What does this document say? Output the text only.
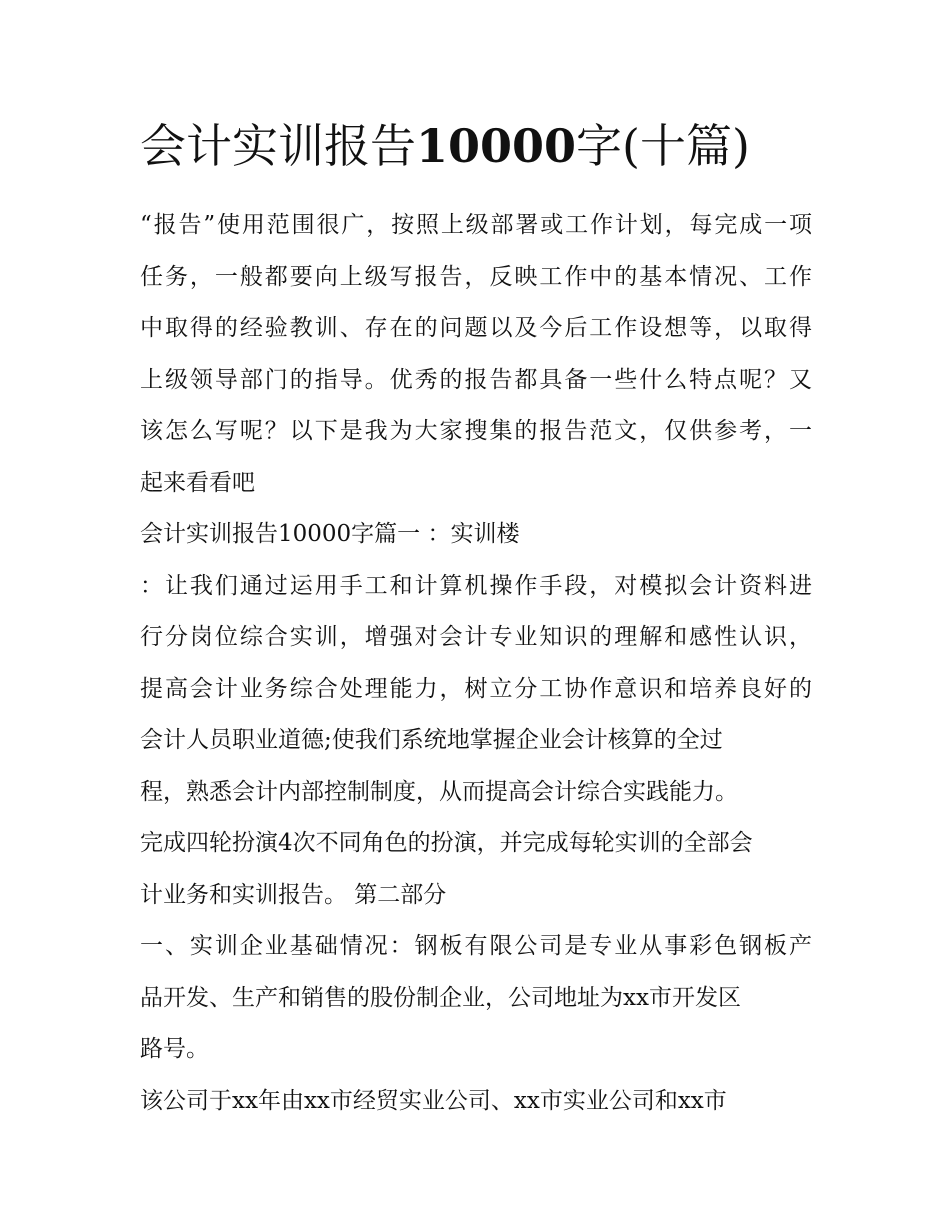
会计实训报告10000字(十篇)
“报告”使用范围很广，按照上级部署或工作计划，每完成一项
任务，一般都要向上级写报告，反映工作中的基本情况、工作
中取得的经验教训、存在的问题以及今后工作设想等，以取得
上级领导部门的指导。优秀的报告都具备一些什么特点呢？又
该怎么写呢？以下是我为大家搜集的报告范文，仅供参考，一
起来看看吧
会计实训报告10000字篇一 ：实训楼
：让我们通过运用手工和计算机操作手段，对模拟会计资料进
行分岗位综合实训，增强对会计专业知识的理解和感性认识，
提高会计业务综合处理能力，树立分工协作意识和培养良好的
会计人员职业道德;使我们系统地掌握企业会计核算的全过
程，熟悉会计内部控制制度，从而提高会计综合实践能力。
完成四轮扮演4次不同角色的扮演，并完成每轮实训的全部会
计业务和实训报告。 第二部分
一、实训企业基础情况：钢板有限公司是专业从事彩色钢板产
品开发、生产和销售的股份制企业，公司地址为xx市开发区
路号。
该公司于xx年由xx市经贸实业公司、xx市实业公司和xx市
